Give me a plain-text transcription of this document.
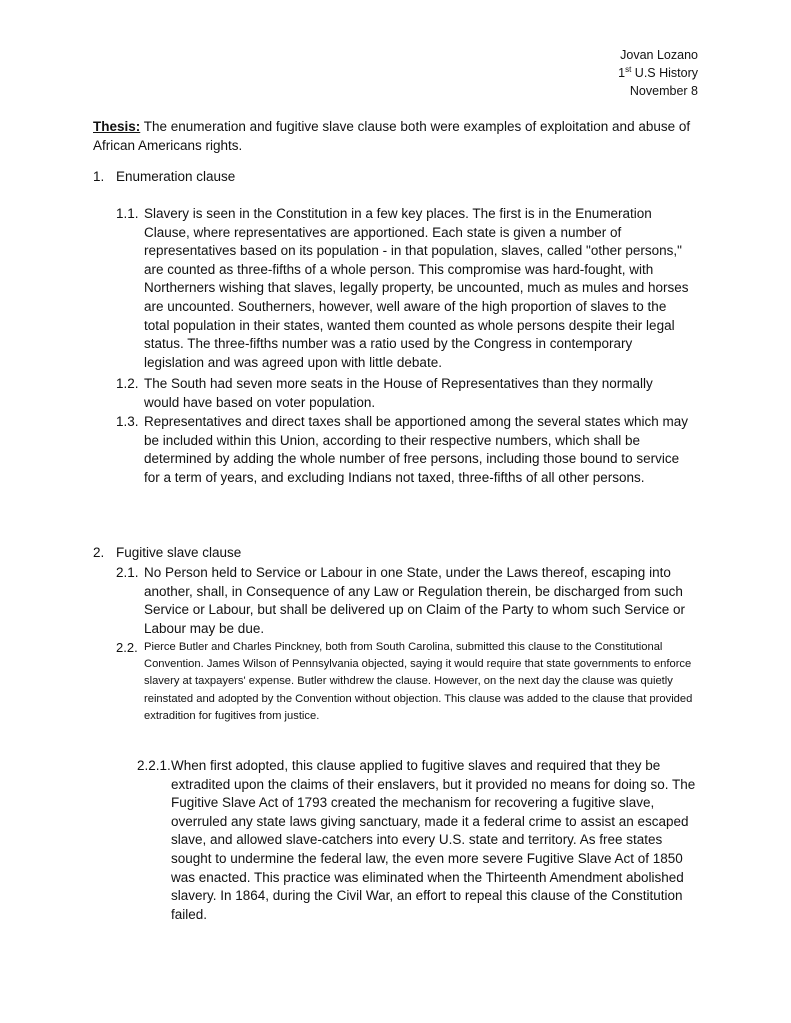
Jovan Lozano
1st U.S History
November 8
Thesis: The enumeration and fugitive slave clause both were examples of exploitation and abuse of African Americans rights.
1. Enumeration clause
1.1. Slavery is seen in the Constitution in a few key places. The first is in the Enumeration Clause, where representatives are apportioned. Each state is given a number of representatives based on its population - in that population, slaves, called "other persons," are counted as three-fifths of a whole person. This compromise was hard-fought, with Northerners wishing that slaves, legally property, be uncounted, much as mules and horses are uncounted. Southerners, however, well aware of the high proportion of slaves to the total population in their states, wanted them counted as whole persons despite their legal status. The three-fifths number was a ratio used by the Congress in contemporary legislation and was agreed upon with little debate.
1.2. The South had seven more seats in the House of Representatives than they normally would have based on voter population.
1.3. Representatives and direct taxes shall be apportioned among the several states which may be included within this Union, according to their respective numbers, which shall be determined by adding the whole number of free persons, including those bound to service for a term of years, and excluding Indians not taxed, three-fifths of all other persons.
2. Fugitive slave clause
2.1. No Person held to Service or Labour in one State, under the Laws thereof, escaping into another, shall, in Consequence of any Law or Regulation therein, be discharged from such Service or Labour, but shall be delivered up on Claim of the Party to whom such Service or Labour may be due.
2.2. Pierce Butler and Charles Pinckney, both from South Carolina, submitted this clause to the Constitutional Convention. James Wilson of Pennsylvania objected, saying it would require that state governments to enforce slavery at taxpayers' expense. Butler withdrew the clause. However, on the next day the clause was quietly reinstated and adopted by the Convention without objection. This clause was added to the clause that provided extradition for fugitives from justice.
2.2.1. When first adopted, this clause applied to fugitive slaves and required that they be extradited upon the claims of their enslavers, but it provided no means for doing so. The Fugitive Slave Act of 1793 created the mechanism for recovering a fugitive slave, overruled any state laws giving sanctuary, made it a federal crime to assist an escaped slave, and allowed slave-catchers into every U.S. state and territory. As free states sought to undermine the federal law, the even more severe Fugitive Slave Act of 1850 was enacted. This practice was eliminated when the Thirteenth Amendment abolished slavery. In 1864, during the Civil War, an effort to repeal this clause of the Constitution failed.
